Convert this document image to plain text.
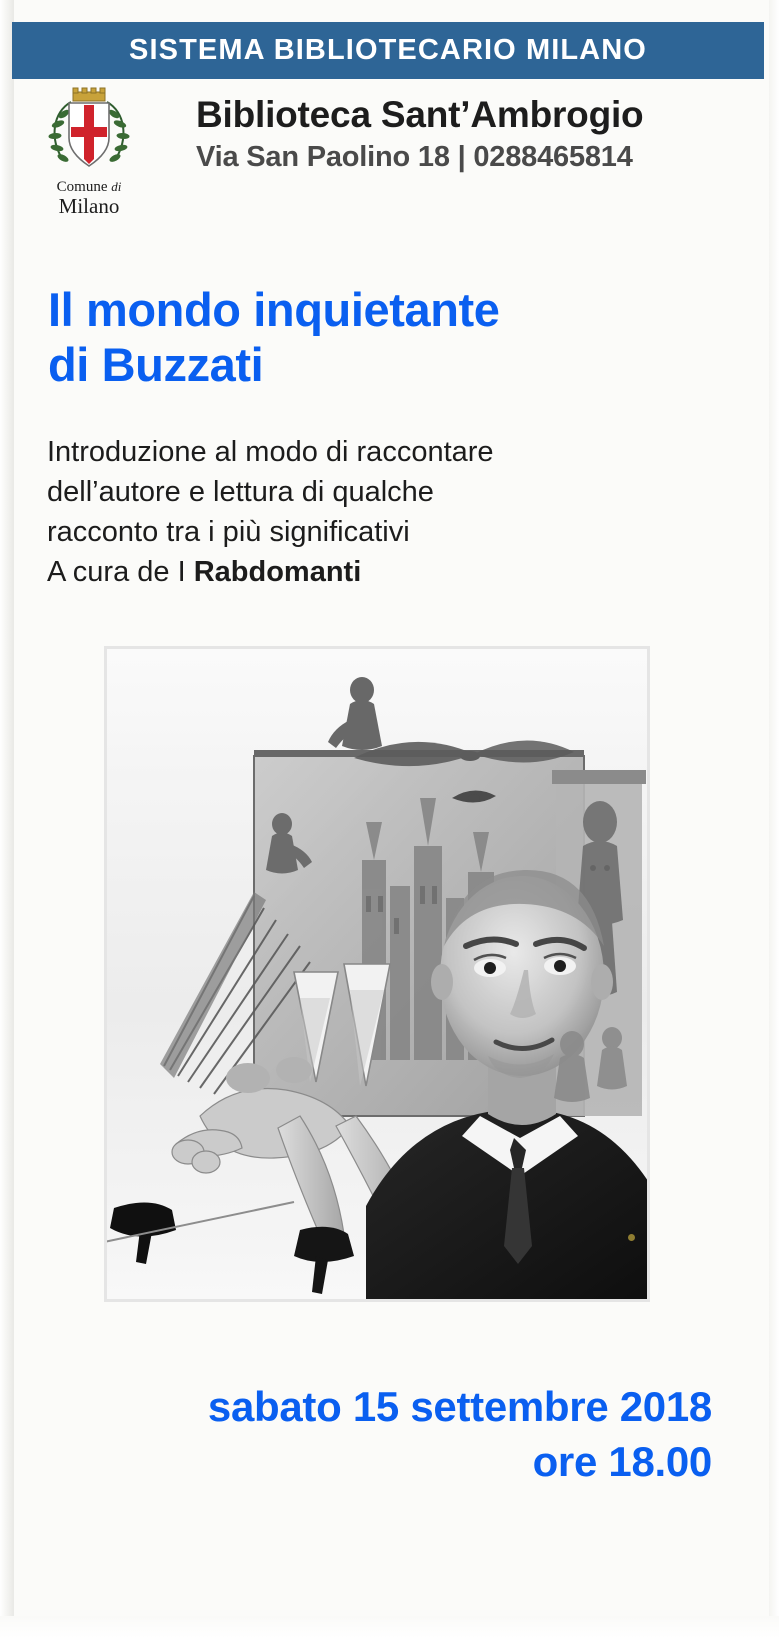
SISTEMA BIBLIOTECARIO MILANO
Comune di
Milano
Biblioteca Sant’Ambrogio
Via San Paolino 18 | 0288465814
Il mondo inquietante
di Buzzati
Introduzione al modo di raccontare
dell’autore e lettura di qualche
racconto tra i più significativi
A cura de I Rabdomanti
sabato 15 settembre 2018
ore 18.00
